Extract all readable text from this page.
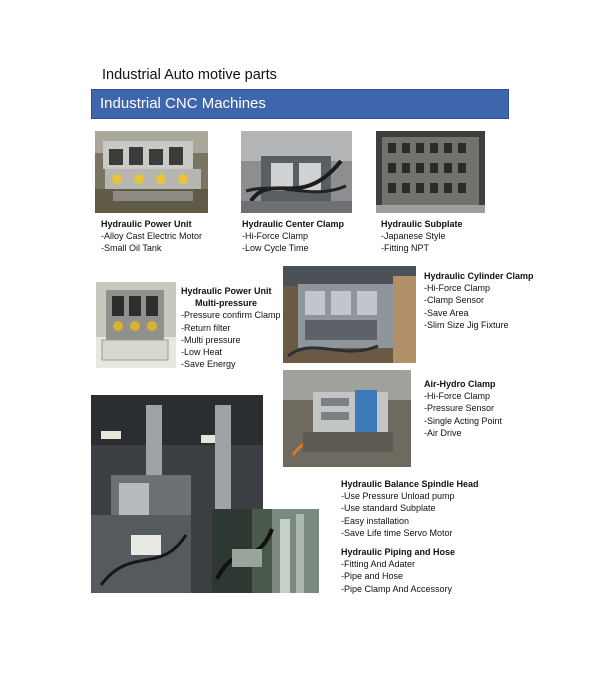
Industrial Auto motive parts
Industrial CNC Machines
Hydraulic Power Unit
-Alloy Cast Electric Motor
-Small Oil Tank
Hydraulic Center Clamp
-Hi-Force Clamp
-Low Cycle Time
Hydraulic Subplate
-Japanese Style
-Fitting NPT
Hydraulic Power Unit
Multi-pressure
-Pressure confirm Clamp
-Return filter
-Multi pressure
-Low Heat
-Save Energy
Hydraulic Cylinder Clamp
-Hi-Force Clamp
-Clamp Sensor
-Save Area
-Slim Size Jig Fixture
Air-Hydro Clamp
-Hi-Force Clamp
-Pressure Sensor
-Single Acting Point
-Air Drive
Hydraulic Balance Spindle Head
-Use Pressure Unload pump
-Use standard Subplate
-Easy installation
-Save Life time Servo Motor
Hydraulic Piping and Hose
-Fitting And Adater
-Pipe and Hose
-Pipe Clamp And Accessory
